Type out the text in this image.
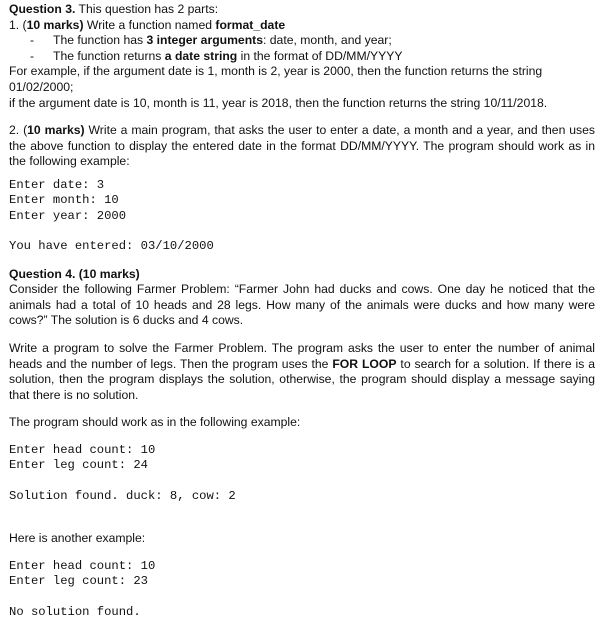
Question 3. This question has 2 parts:

1. (10 marks) Write a function named format_date

- The function has 3 integer arguments: date, month, and year;
- The function returns a date string in the format of DD/MM/YYYY

For example, if the argument date is 1, month is 2, year is 2000, then the function returns the string 01/02/2000;

if the argument date is 10, month is 11, year is 2018, then the function returns the string 10/11/2018.

2. (10 marks) Write a main program, that asks the user to enter a date, a month and a year, and then uses the above function to display the entered date in the format DD/MM/YYYY. The program should work as in the following example:

Enter date: 3

Enter month: 10

Enter year: 2000

You have entered: 03/10/2000

Question 4. (10 marks)

Consider the following Farmer Problem: “Farmer John had ducks and cows. One day he noticed that the animals had a total of 10 heads and 28 legs. How many of the animals were ducks and how many were cows?” The solution is 6 ducks and 4 cows.

Write a program to solve the Farmer Problem. The program asks the user to enter the number of animal heads and the number of legs. Then the program uses the FOR LOOP to search for a solution. If there is a solution, then the program displays the solution, otherwise, the program should display a message saying that there is no solution.

The program should work as in the following example:

Enter head count: 10

Enter leg count: 24

Solution found. duck: 8, cow: 2

Here is another example:

Enter head count: 10

Enter leg count: 23

No solution found.
